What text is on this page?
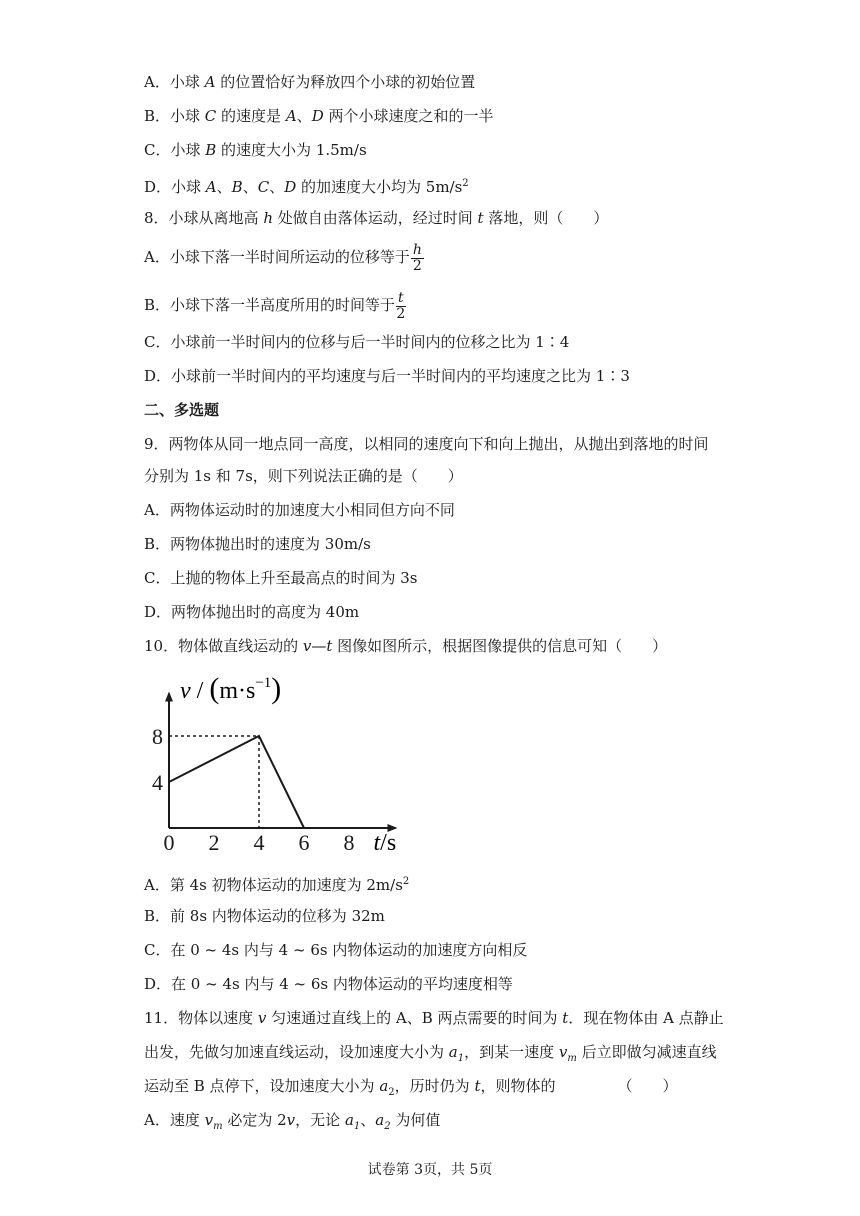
A．小球 A 的位置恰好为释放四个小球的初始位置
B．小球 C 的速度是 A、D 两个小球速度之和的一半
C．小球 B 的速度大小为 1.5m/s
D．小球 A、B、C、D 的加速度大小均为 $5m/s^2$
8．小球从离地高 h 处做自由落体运动，经过时间 t 落地，则（　　）
A．小球下落一半时间所运动的位移等于 $\frac{h}{2}$
B．小球下落一半高度所用的时间等于 $\frac{t}{2}$
C．小球前一半时间内的位移与后一半时间内的位移之比为 1∶4
D．小球前一半时间内的平均速度与后一半时间内的平均速度之比为 1∶3
二、多选题
9．两物体从同一地点同一高度，以相同的速度向下和向上抛出，从抛出到落地的时间
分别为 1s 和 7s，则下列说法正确的是（　　）
A．两物体运动时的加速度大小相同但方向不同
B．两物体抛出时的速度为 30m/s
C．上抛的物体上升至最高点的时间为 3s
D．两物体抛出时的高度为 40m
10．物体做直线运动的 v—t 图像如图所示，根据图像提供的信息可知（　　）
0 2 4 6 8
4
8
$v / (m\cdot s^{-1})$
t/s
A．第 4s 初物体运动的加速度为 $2m/s^2$
B．前 8s 内物体运动的位移为 32m
C．在 0 ~ 4s 内与 4 ~ 6s 内物体运动的加速度方向相反
D．在 0 ~ 4s 内与 4 ~ 6s 内物体运动的平均速度相等
11．物体以速度 v 匀速通过直线上的 A、B 两点需要的时间为 t．现在物体由 A 点静止
出发，先做匀加速直线运动，设加速度大小为 $a_1$，到某一速度 $v_m$ 后立即做匀减速直线
运动至 B 点停下，设加速度大小为 $a_2$，历时仍为 t，则物体的	（　　）
A．速度 $v_m$ 必定为 2v，无论 $a_1$、$a_2$ 为何值
试卷第 3页，共 5页
